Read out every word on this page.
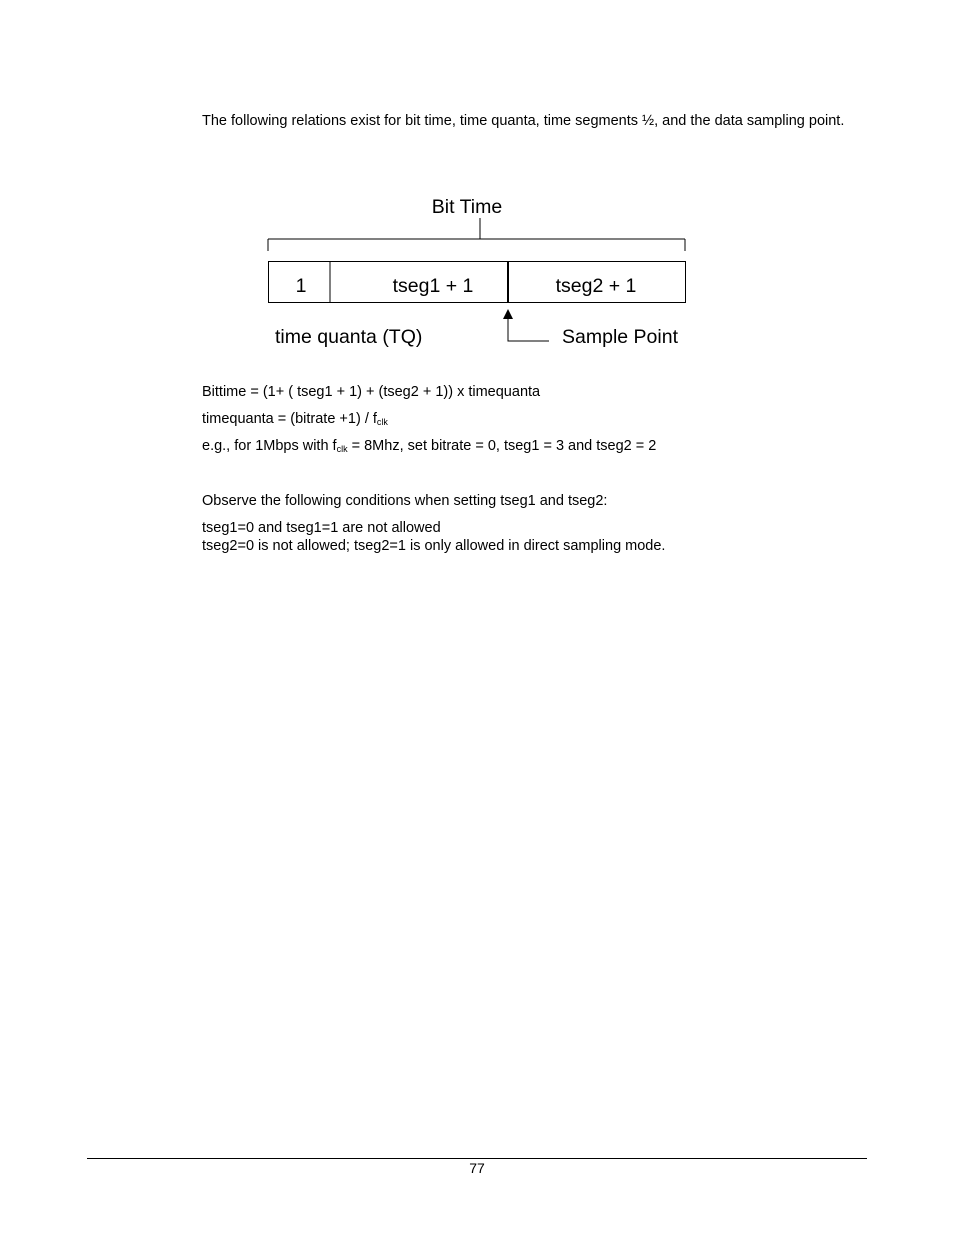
The following relations exist for bit time, time quanta, time segments ½, and the data sampling point.
Bit Time
1	tseg1 + 1	tseg2 + 1
time quanta (TQ)	Sample Point
Bittime = (1+ ( tseg1 + 1) + (tseg2 + 1)) x timequanta
timequanta = (bitrate $+1) / f_{clk}$
e.g., for 1Mbps with $f_{clk} = 8Mhz$, set bitrate = 0, tseg1 = 3 and tseg2 = 2
Observe the following conditions when setting tseg1 and tseg2:
tseg1=0 and tseg1=1 are not allowed
tseg2=0 is not allowed; tseg2=1 is only allowed in direct sampling mode.
77
